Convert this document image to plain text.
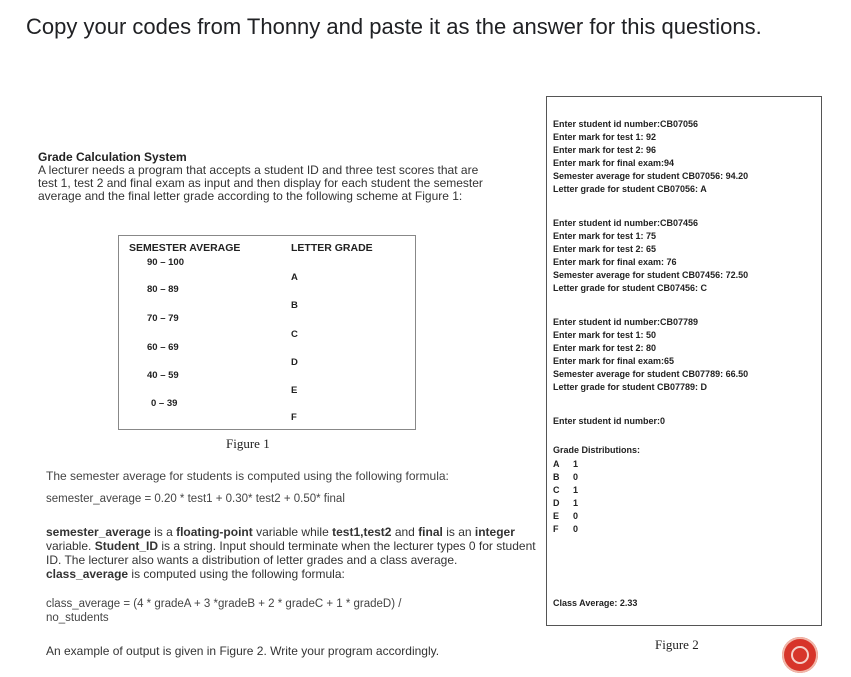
Copy your codes from Thonny and paste it as the answer for this questions.
Grade Calculation System
A lecturer needs a program that accepts a student ID and three test scores that are test 1, test 2 and final exam as input and then display for each student the semester average and the final letter grade according to the following scheme at Figure 1:
SEMESTER AVERAGE	LETTER GRADE
90 – 100
80 – 89
70 – 79
60 – 69
40 – 59
0 – 39
A
B
C
D
E
F
Figure 1
The semester average for students is computed using the following formula:
semester_average = 0.20 * test1 + 0.30* test2 + 0.50* final
semester_average is a floating-point variable while test1,test2 and final is an integer variable. Student_ID is a string. Input should terminate when the lecturer types 0 for student ID. The lecturer also wants a distribution of letter grades and a class average. class_average is computed using the following formula:
class_average = (4 * gradeA + 3 *gradeB + 2 * gradeC + 1 * gradeD) /
no_students
An example of output is given in Figure 2. Write your program accordingly.
Enter student id number:CB07056
Enter mark for test 1: 92
Enter mark for test 2: 96
Enter mark for final exam:94
Semester average for student CB07056: 94.20
Letter grade for student CB07056: A
Enter student id number:CB07456
Enter mark for test 1: 75
Enter mark for test 2: 65
Enter mark for final exam: 76
Semester average for student CB07456: 72.50
Letter grade for student CB07456: C
Enter student id number:CB07789
Enter mark for test 1: 50
Enter mark for test 2: 80
Enter mark for final exam:65
Semester average for student CB07789: 66.50
Letter grade for student CB07789: D
Enter student id number:0
Grade Distributions:
A 1
B 0
C 1
D 1
E 0
F 0
Class Average: 2.33
Figure 2
